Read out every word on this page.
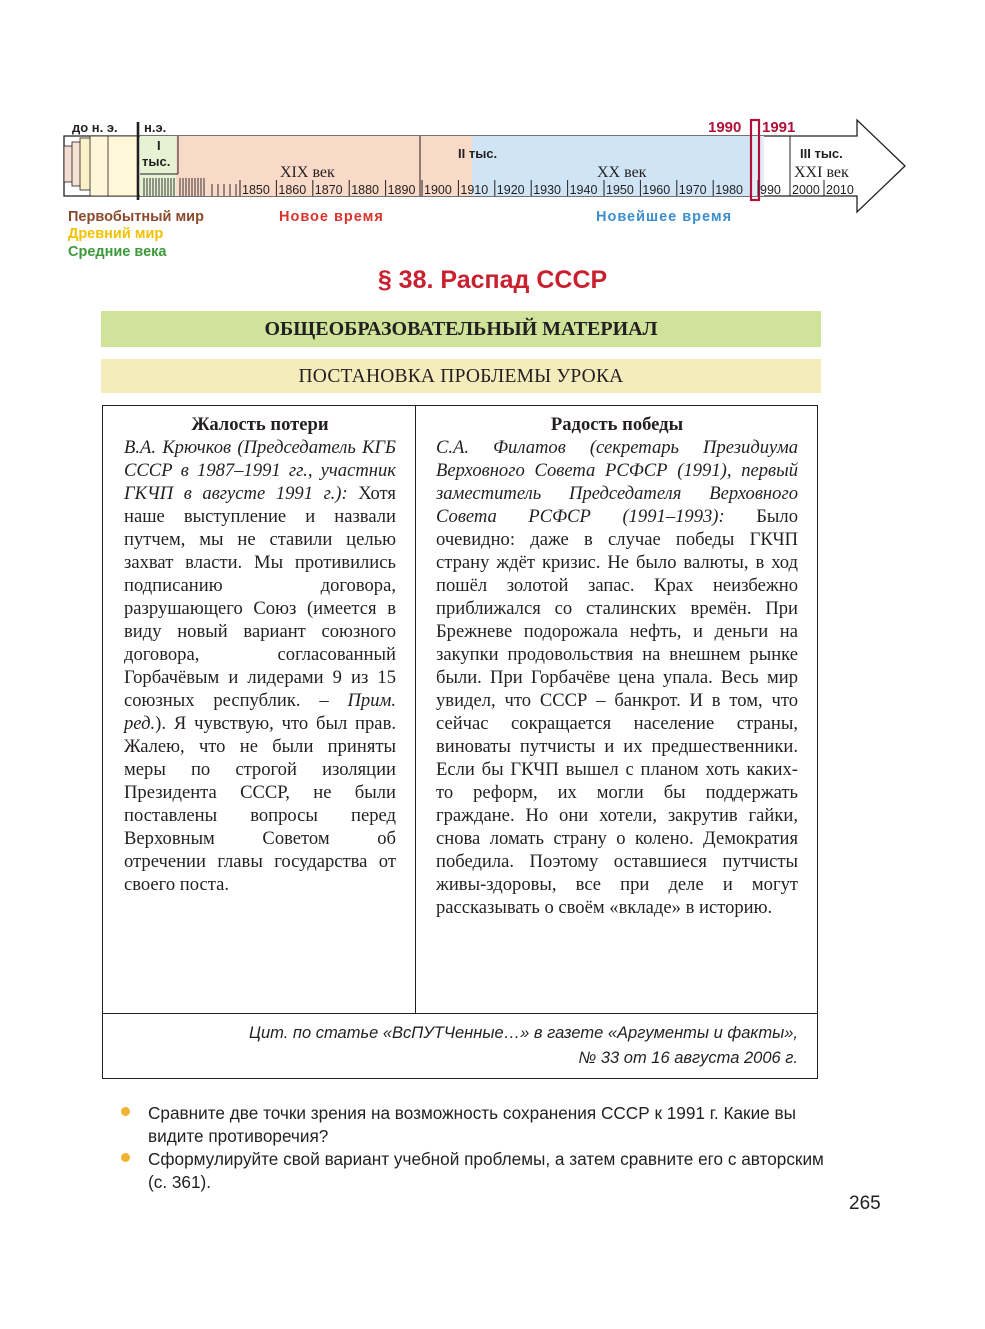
1850 1860 1870 1880 1890 1900 1910 1920 1930 1940 1950 1960 1970 1980 990 2000 2010
до н. э. н.э.
I
тыс.
1990 1991
II тыс.	III тыс.
XIX век	XX век	XXI век
Первобытный мир
Древний мир
Средние века
Новое время	Новейшее время
§ 38. Распад СССР
ОБЩЕОБРАЗОВАТЕЛЬНЫЙ МАТЕРИАЛ
ПОСТАНОВКА ПРОБЛЕМЫ УРОКА
Жалость потери

В.А. Крючков (Председатель КГБ СССР в 1987–1991 гг., участник ГКЧП в августе 1991 г.): Хотя наше выступление и назвали путчем, мы не ставили целью захват власти. Мы противились подписанию договора, разрушающего Союз (имеется в виду новый вариант союзного договора, согласованный Горбачёвым и лидерами 9 из 15 союзных республик. – Прим. ред.). Я чувствую, что был прав. Жалею, что не были приняты меры по строгой изоляции Президента СССР, не были поставлены вопросы перед Верховным Советом об отречении главы государства от своего поста.

Радость победы

С.А. Филатов (секретарь Президиума Верховного Совета РСФСР (1991), первый заместитель Председателя Верховного Совета РСФСР (1991–1993): Было очевидно: даже в случае победы ГКЧП страну ждёт кризис. Не было валюты, в ход пошёл золотой запас. Крах неизбежно приближался со сталинских времён. При Брежневе подорожала нефть, и деньги на закупки продовольствия на внешнем рынке были. При Горбачёве цена упала. Весь мир увидел, что СССР – банкрот. И в том, что сейчас сокращается население страны, виноваты путчисты и их предшественники. Если бы ГКЧП вышел с планом хоть каких-то реформ, их могли бы поддержать граждане. Но они хотели, закрутив гайки, снова ломать страну о колено. Демократия победила. Поэтому оставшиеся путчисты живы-здоровы, все при деле и могут рассказывать о своём «вкладе» в историю.

Цит. по статье «ВсПУТЧенные…» в газете «Аргументы и факты»,
№ 33 от 16 августа 2006 г.
Сравните две точки зрения на возможность сохранения СССР к 1991 г. Какие вы видите противоречия?
Сформулируйте свой вариант учебной проблемы, а затем сравните его с авторским (с. 361).
265
